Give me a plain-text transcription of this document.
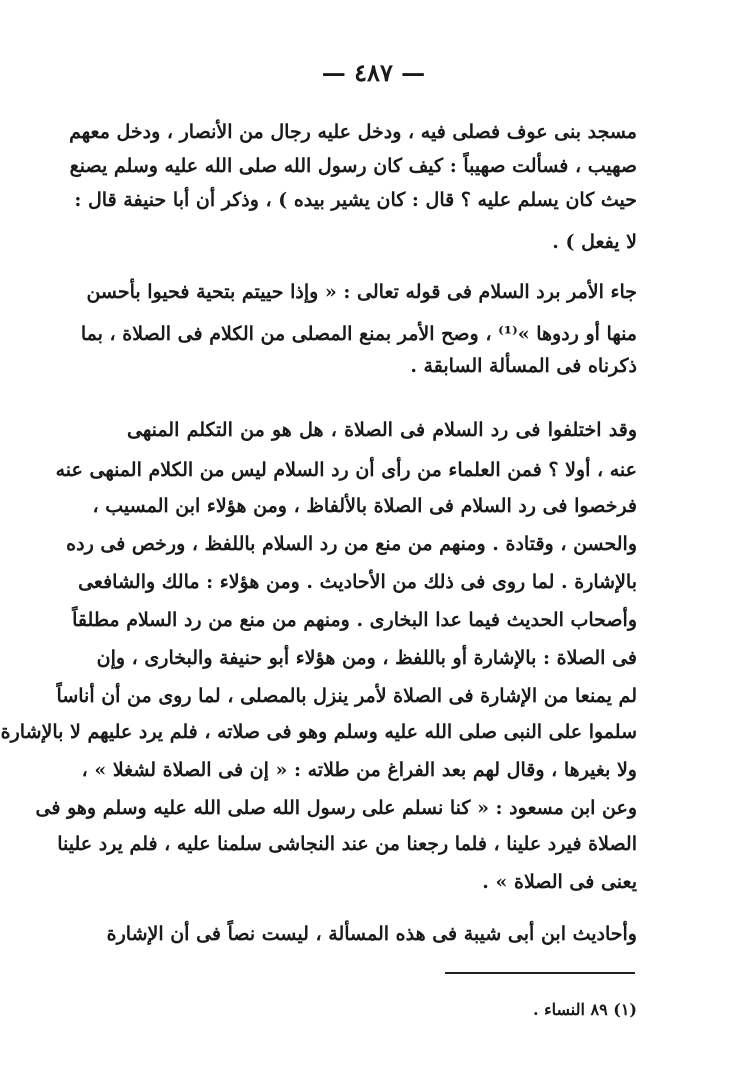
— ٤٨٧ —
مسجد بنى عوف فصلى فيه ، ودخل عليه رجال من الأنصار ، ودخل معهم
صهيب ، فسألت صهيباً : كيف كان رسول الله صلى الله عليه وسلم يصنع
حيث كان يسلم عليه ؟ قال : كان يشير بيده ) ، وذكر أن أبا حنيفة قال :
لا يفعل ) .
جاء الأمر برد السلام فى قوله تعالى : « وإذا حييتم بتحية فحيوا بأحسن
منها أو ردوها »⁽¹⁾ ، وصح الأمر بمنع المصلى من الكلام فى الصلاة ، بما
ذكرناه فى المسألة السابقة .
وقد اختلفوا فى رد السلام فى الصلاة ، هل هو من التكلم المنهى
عنه ، أولا ؟ فمن العلماء من رأى أن رد السلام ليس من الكلام المنهى عنه
فرخصوا فى رد السلام فى الصلاة بالألفاظ ، ومن هؤلاء ابن المسيب ،
والحسن ، وقتادة . ومنهم من منع من رد السلام باللفظ ، ورخص فى رده
بالإشارة . لما روى فى ذلك من الأحاديث . ومن هؤلاء : مالك والشافعى
وأصحاب الحديث فيما عدا البخارى . ومنهم من منع من رد السلام مطلقاً
فى الصلاة : بالإشارة أو باللفظ ، ومن هؤلاء أبو حنيفة والبخارى ، وإن
لم يمنعا من الإشارة فى الصلاة لأمر ينزل بالمصلى ، لما روى من أن أناساً
سلموا على النبى صلى الله عليه وسلم وهو فى صلاته ، فلم يرد عليهم لا بالإشارة
ولا بغيرها ، وقال لهم بعد الفراغ من طلاته : « إن فى الصلاة لشغلا » ،
وعن ابن مسعود : « كنا نسلم على رسول الله صلى الله عليه وسلم وهو فى
الصلاة فيرد علينا ، فلما رجعنا من عند النجاشى سلمنا عليه ، فلم يرد علينا
يعنى فى الصلاة » .
وأحاديث ابن أبى شيبة فى هذه المسألة ، ليست نصاً فى أن الإشارة
(١) ٨٩ النساء .
